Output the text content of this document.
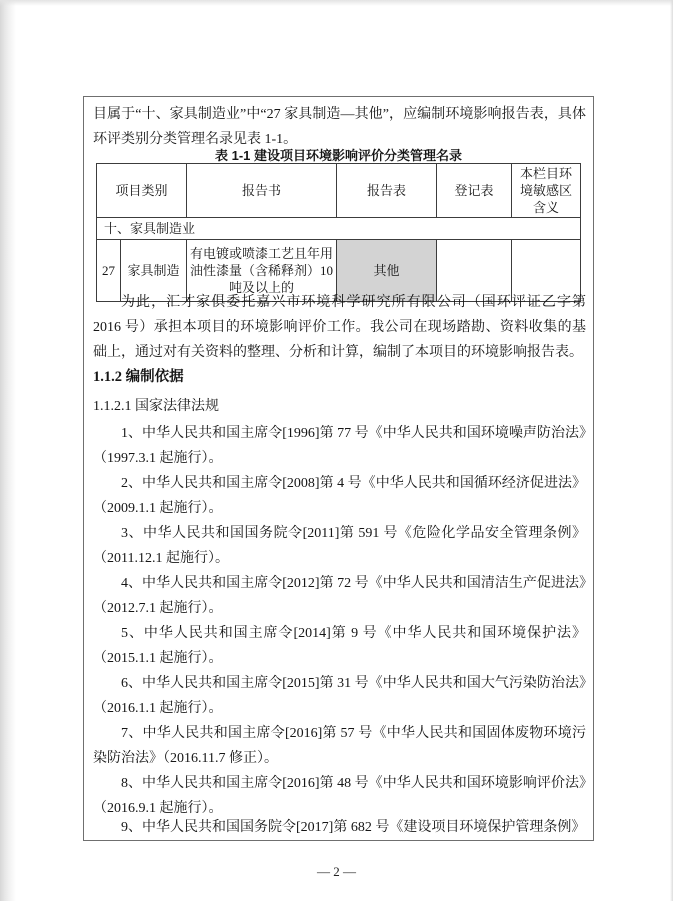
目属于“十、家具制造业”中“27 家具制造—其他”，应编制环境影响报告表，具体环评类别分类管理名录见表 1-1。

表 1-1 建设项目环境影响评价分类管理名录
项目类别		报告书	报告表	登记表	本栏目环境敏感区含义
十、家具制造业					
27	家具制造	有电镀或喷漆工艺且年用油性漆量（含稀释剂）10吨及以上的	其他		

为此，汇才家俱委托嘉兴市环境科学研究所有限公司（国环评证乙字第 2016 号）承担本项目的环境影响评价工作。我公司在现场踏勘、资料收集的基础上，通过对有关资料的整理、分析和计算，编制了本项目的环境影响报告表。

1.1.2 编制依据
1.1.2.1 国家法律法规

1、中华人民共和国主席令[1996]第 77 号《中华人民共和国环境噪声防治法》（1997.3.1 起施行）。

2、中华人民共和国主席令[2008]第 4 号《中华人民共和国循环经济促进法》（2009.1.1 起施行）。

3、中华人民共和国国务院令[2011]第 591 号《危险化学品安全管理条例》（2011.12.1 起施行）。

4、中华人民共和国主席令[2012]第 72 号《中华人民共和国清洁生产促进法》（2012.7.1 起施行）。

5、中华人民共和国主席令[2014]第 9 号《中华人民共和国环境保护法》（2015.1.1 起施行）。

6、中华人民共和国主席令[2015]第 31 号《中华人民共和国大气污染防治法》（2016.1.1 起施行）。

7、中华人民共和国主席令[2016]第 57 号《中华人民共和国固体废物环境污染防治法》（2016.11.7 修正）。

8、中华人民共和国主席令[2016]第 48 号《中华人民共和国环境影响评价法》（2016.9.1 起施行）。

9、中华人民共和国国务院令[2017]第 682 号《建设项目环境保护管理条例》

— 2 —
